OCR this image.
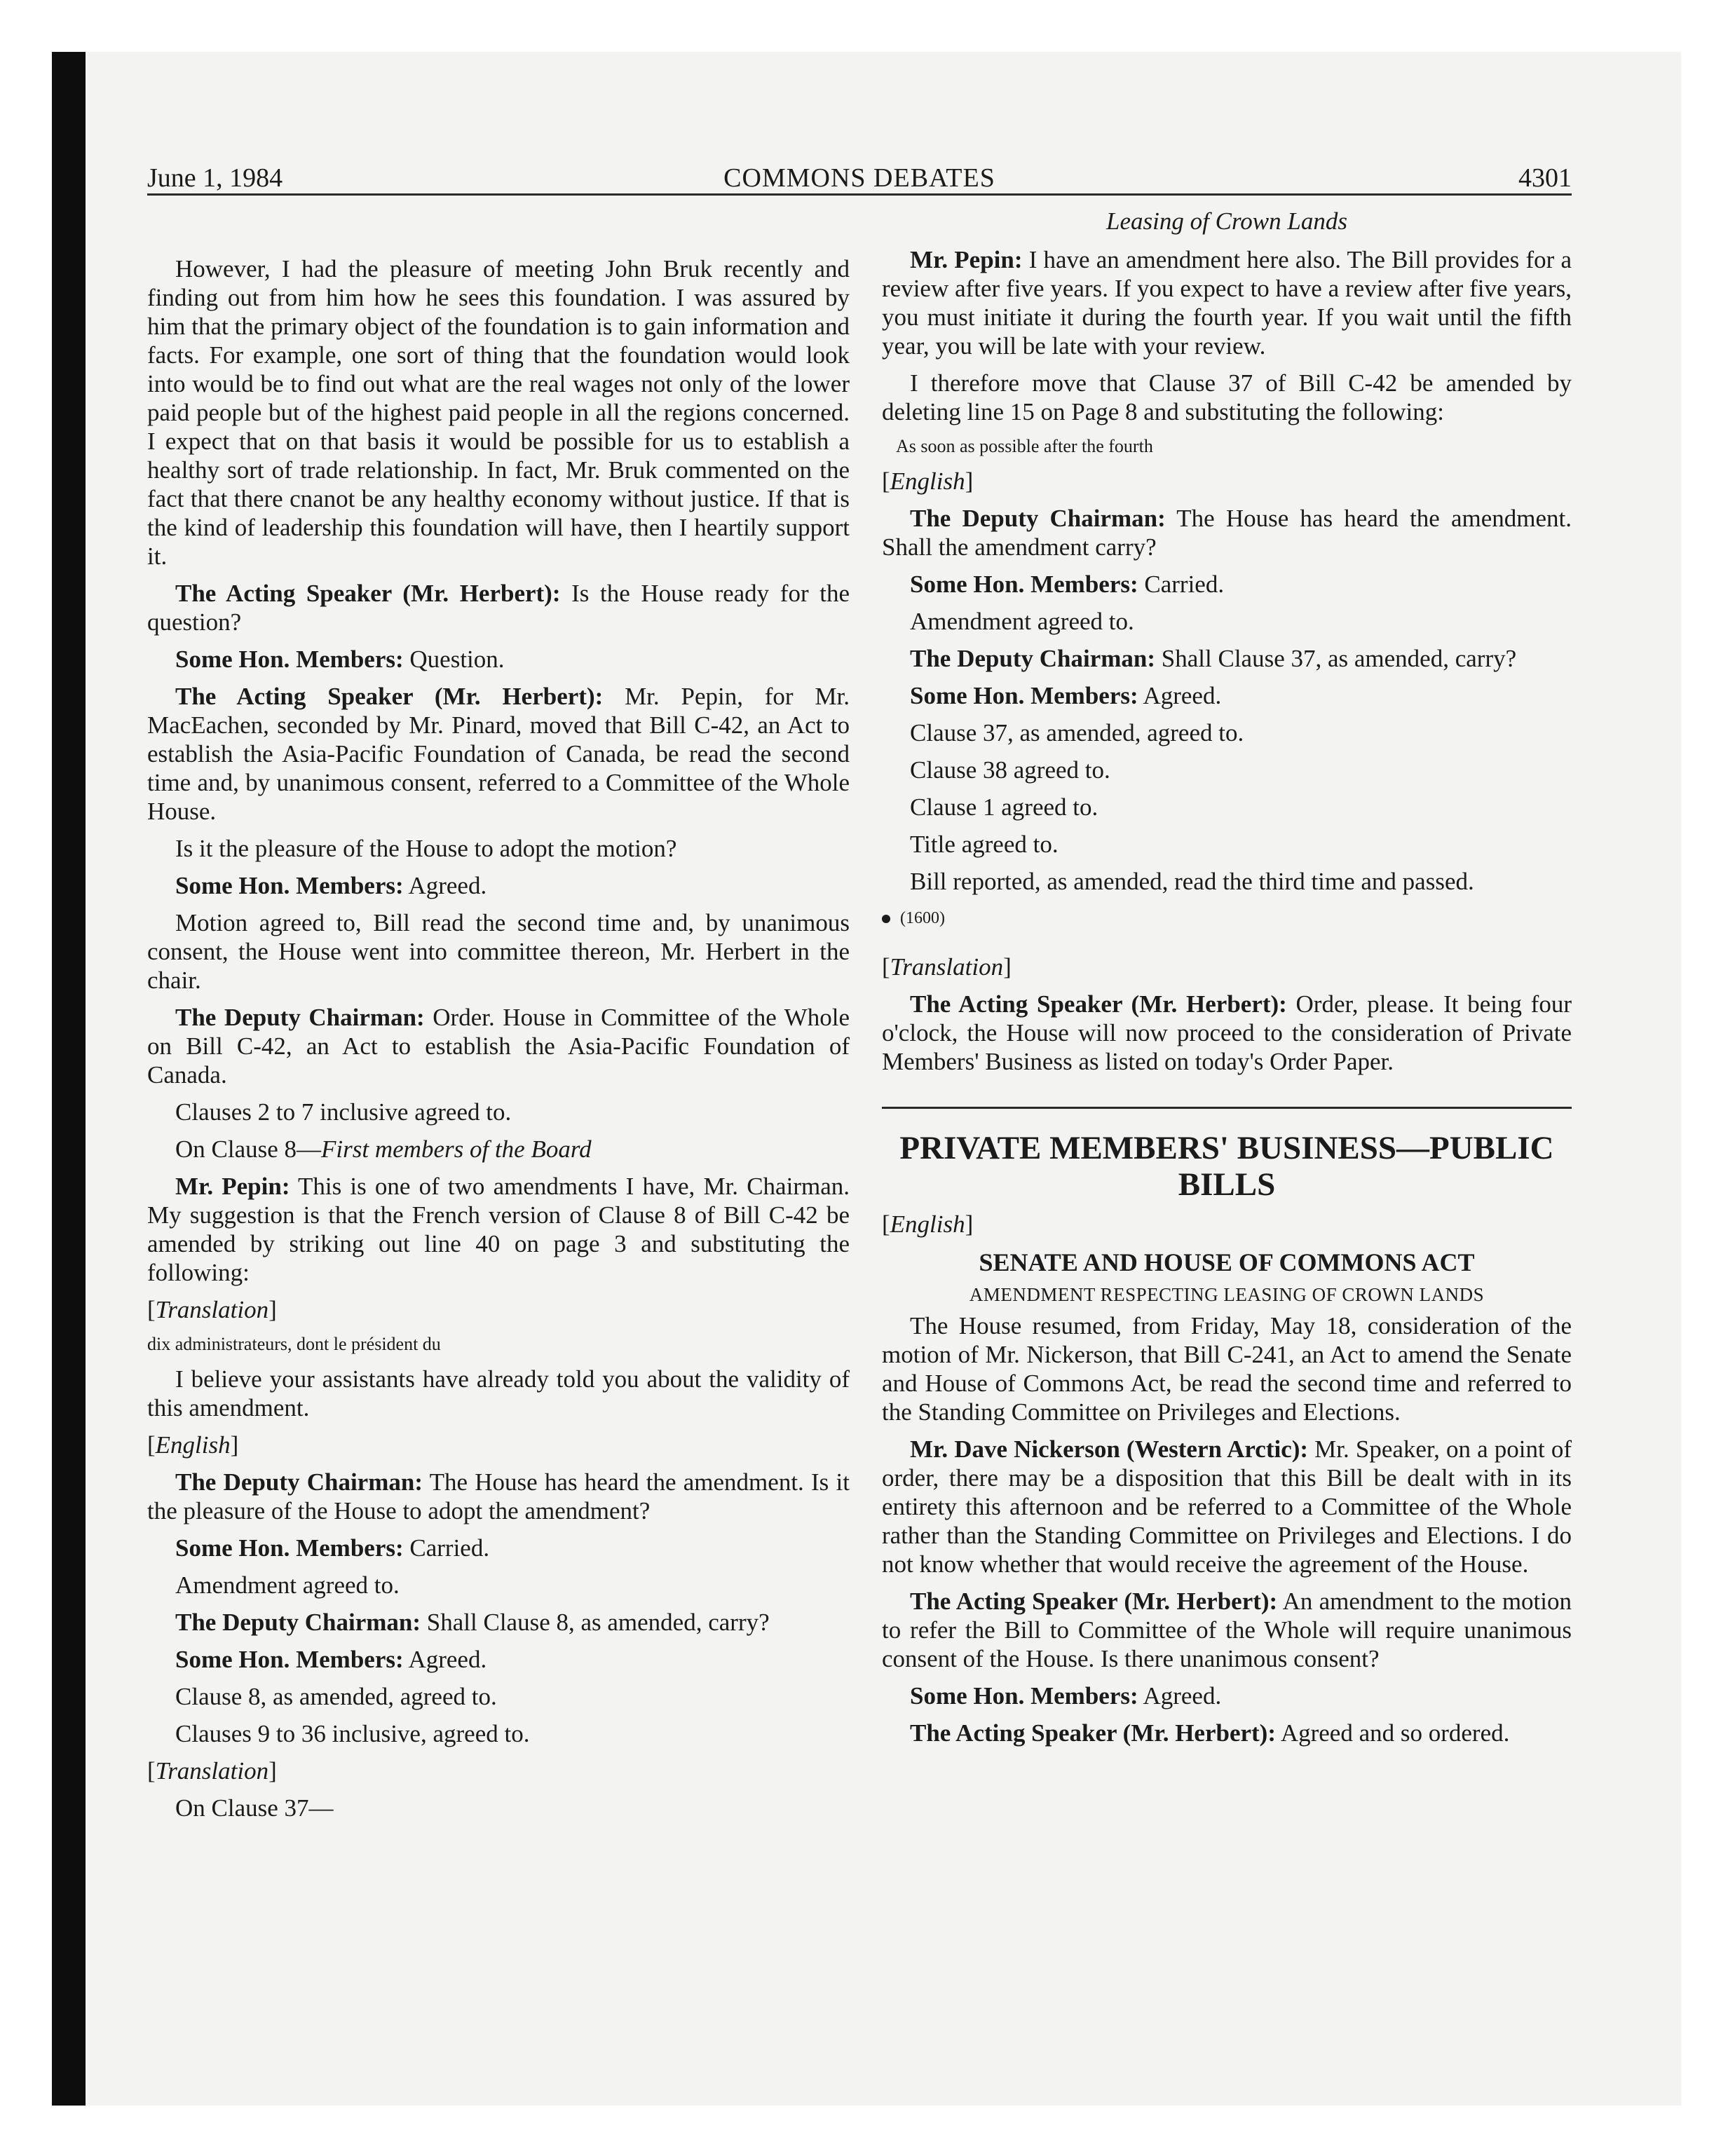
June 1, 1984	COMMONS DEBATES	4301

However, I had the pleasure of meeting John Bruk recently and finding out from him how he sees this foundation. I was assured by him that the primary object of the foundation is to gain information and facts. For example, one sort of thing that the foundation would look into would be to find out what are the real wages not only of the lower paid people but of the highest paid people in all the regions concerned. I expect that on that basis it would be possible for us to establish a healthy sort of trade relationship. In fact, Mr. Bruk commented on the fact that there cnanot be any healthy economy without justice. If that is the kind of leadership this foundation will have, then I heartily support it.

The Acting Speaker (Mr. Herbert): Is the House ready for the question?

Some Hon. Members: Question.

The Acting Speaker (Mr. Herbert): Mr. Pepin, for Mr. MacEachen, seconded by Mr. Pinard, moved that Bill C-42, an Act to establish the Asia-Pacific Foundation of Canada, be read the second time and, by unanimous consent, referred to a Committee of the Whole House.

Is it the pleasure of the House to adopt the motion?

Some Hon. Members: Agreed.

Motion agreed to, Bill read the second time and, by unanimous consent, the House went into committee thereon, Mr. Herbert in the chair.

The Deputy Chairman: Order. House in Committee of the Whole on Bill C-42, an Act to establish the Asia-Pacific Foundation of Canada.

Clauses 2 to 7 inclusive agreed to.

On Clause 8—First members of the Board

Mr. Pepin: This is one of two amendments I have, Mr. Chairman. My suggestion is that the French version of Clause 8 of Bill C-42 be amended by striking out line 40 on page 3 and substituting the following:

[Translation]

dix administrateurs, dont le président du

I believe your assistants have already told you about the validity of this amendment.

[English]

The Deputy Chairman: The House has heard the amendment. Is it the pleasure of the House to adopt the amendment?

Some Hon. Members: Carried.

Amendment agreed to.

The Deputy Chairman: Shall Clause 8, as amended, carry?

Some Hon. Members: Agreed.

Clause 8, as amended, agreed to.

Clauses 9 to 36 inclusive, agreed to.

[Translation]

On Clause 37—

Leasing of Crown Lands

Mr. Pepin: I have an amendment here also. The Bill provides for a review after five years. If you expect to have a review after five years, you must initiate it during the fourth year. If you wait until the fifth year, you will be late with your review.

I therefore move that Clause 37 of Bill C-42 be amended by deleting line 15 on Page 8 and substituting the following:

As soon as possible after the fourth

[English]

The Deputy Chairman: The House has heard the amendment. Shall the amendment carry?

Some Hon. Members: Carried.

Amendment agreed to.

The Deputy Chairman: Shall Clause 37, as amended, carry?

Some Hon. Members: Agreed.

Clause 37, as amended, agreed to.

Clause 38 agreed to.

Clause 1 agreed to.

Title agreed to.

Bill reported, as amended, read the third time and passed.

(1600)

[Translation]

The Acting Speaker (Mr. Herbert): Order, please. It being four o'clock, the House will now proceed to the consideration of Private Members' Business as listed on today's Order Paper.

PRIVATE MEMBERS' BUSINESS—PUBLIC BILLS

[English]

SENATE AND HOUSE OF COMMONS ACT

AMENDMENT RESPECTING LEASING OF CROWN LANDS

The House resumed, from Friday, May 18, consideration of the motion of Mr. Nickerson, that Bill C-241, an Act to amend the Senate and House of Commons Act, be read the second time and referred to the Standing Committee on Privileges and Elections.

Mr. Dave Nickerson (Western Arctic): Mr. Speaker, on a point of order, there may be a disposition that this Bill be dealt with in its entirety this afternoon and be referred to a Committee of the Whole rather than the Standing Committee on Privileges and Elections. I do not know whether that would receive the agreement of the House.

The Acting Speaker (Mr. Herbert): An amendment to the motion to refer the Bill to Committee of the Whole will require unanimous consent of the House. Is there unanimous consent?

Some Hon. Members: Agreed.

The Acting Speaker (Mr. Herbert): Agreed and so ordered.
